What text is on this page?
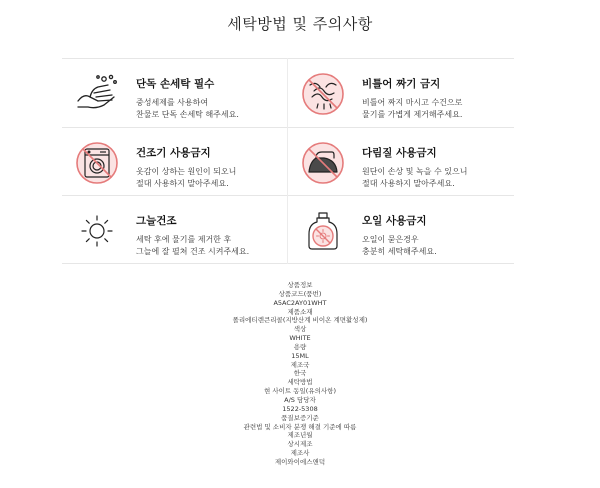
세탁방법 및 주의사항
단독 손세탁 필수
중성세제를 사용하여
찬물로 단독 손세탁 해주세요.
비틀어 짜기 금지
비틀어 짜지 마시고 수건으로
물기를 가볍게 제거해주세요.
건조기 사용금지
옷감이 상하는 원인이 되오니
절대 사용하지 말아주세요.
다림질 사용금지
원단이 손상 및 녹을 수 있으니
절대 사용하지 말아주세요.
그늘건조
세탁 후에 물기를 제거한 후
그늘에 잘 펼쳐 건조 시켜주세요.
오일 사용금지
오일이 묻은경우
충분히 세탁해주세요.
상품정보
상품코드(품번)
A5AC2AY01WHT
제품소재
폴리에티렌큰리콜(지방산계 비이온 계면활성제)
색상
WHITE
용량
15ML
제조국
한국
세탁방법
현 사이트 동일(유의사항)
A/S 담당자
1522-5308
품질보증기준
관련법 및 소비자 분쟁 해결 기준에 따름
제조년월
상시제조
제조사
제이와이에스앤덕
